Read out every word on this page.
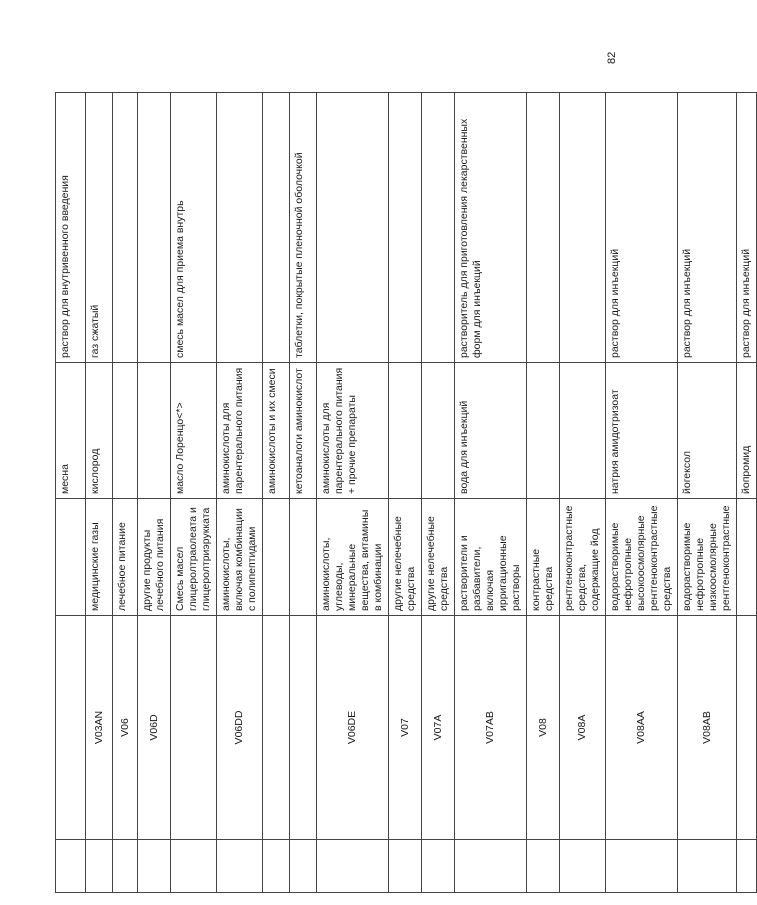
82
			месна	раствор для внутривенного введения
	V03AN	медицинские газы	кислород	газ сжатый
	V06	лечебное питание		
	V06D	другие продукты лечебного питания		
		Смесь масел глицеролтраолеата и глицеролтриэрукката	масло Лоренцо<*>	смесь масел для приема внутрь
	V06DD	аминокислоты, включая комбинации с полипептидами	аминокислоты для парентерального питания	
			аминокислоты и их смеси	
			кетоаналоги аминокислот	таблетки, покрытые пленочной оболочкой
	V06DE	аминокислоты, углеводы, минеральные вещества, витамины в комбинации	аминокислоты для парентерального питания + прочие препараты	
	V07	другие нелечебные средства		
	V07A	другие нелечебные средства		
	V07AB	растворители и разбавители, включая ирригационные растворы	вода для инъекций	растворитель для приготовления лекарственных форм для инъекций
	V08	контрастные средства		
	V08A	рентгеноконтрастные средства, содержащие йод		
	V08AA	водорастворимые нефротропные высокоосмолярные рентгеноконтрастные средства	натрия амидотризоат	раствор для инъекций
	V08AB	водорастворимые нефротропные низкоосмолярные рентгеноконтрастные	йогексол	раствор для инъекций
			йопромид	раствор для инъекций
